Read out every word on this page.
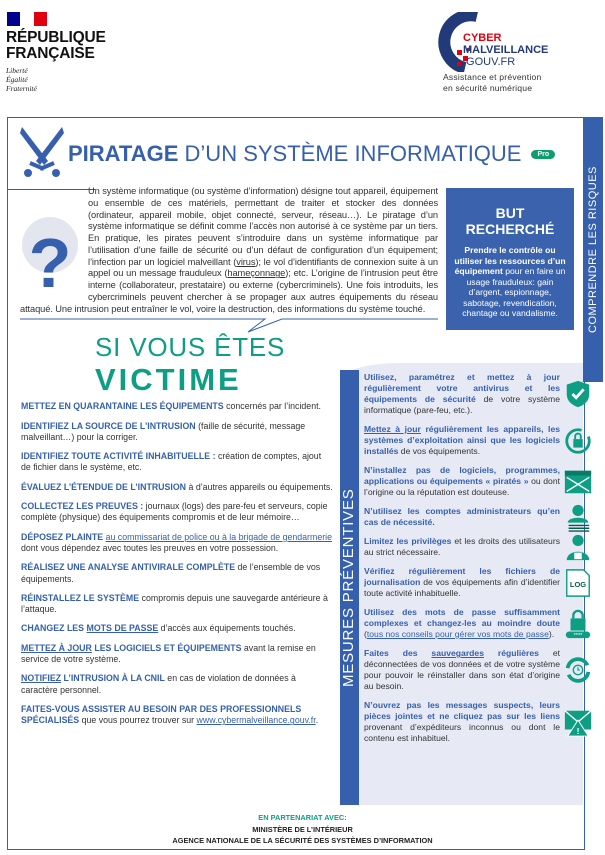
RÉPUBLIQUE
FRANÇAISE
Liberté
Égalité
Fraternité
CYBER
MALVEILLANCE
.GOUV.FR
Assistance et prévention
en sécurité numérique
COMPRENDRE LES RISQUES
PIRATAGE D’UN SYSTÈME INFORMATIQUE	Pro
?
BUT
RECHERCHÉ

Prendre le contrôle ou utiliser les ressources d’un équipement pour en faire un usage frauduleux: gain d’argent, espionnage, sabotage, revendication, chantage ou vandalisme.

Un système informatique (ou système d’information) désigne tout appareil, équipement ou ensemble de ces matériels, permettant de traiter et stocker des données (ordinateur, appareil mobile, objet connecté, serveur, réseau…). Le piratage d’un système informatique se définit comme l’accès non autorisé à ce système par un tiers. En pratique, les pirates peuvent s’introduire dans un système informatique par l’utilisation d’une faille de sécurité ou d’un défaut de configuration d’un équipement; l’infection par un logiciel malveillant (virus); le vol d’identifiants de connexion suite à un appel ou un message frauduleux (hameçonnage); etc. L’origine de l’intrusion peut être interne (collaborateur, prestataire) ou externe (cybercriminels). Une fois introduits, les cybercriminels peuvent chercher à se propager aux autres équipements du réseau attaqué. Une intrusion peut entraîner le vol, voire la destruction, des informations du système touché.
SI VOUS ÊTES
VICTIME

METTEZ EN QUARANTAINE LES ÉQUIPEMENTS concernés par l’incident.

IDENTIFIEZ LA SOURCE DE L’INTRUSION (faille de sécurité, message malveillant…) pour la corriger.

IDENTIFIEZ TOUTE ACTIVITÉ INHABITUELLE : création de comptes, ajout de fichier dans le système, etc.

ÉVALUEZ L’ÉTENDUE DE L’INTRUSION à d’autres appareils ou équipements.

COLLECTEZ LES PREUVES : journaux (logs) des pare-feu et serveurs, copie complète (physique) des équipements compromis et de leur mémoire…

DÉPOSEZ PLAINTE au commissariat de police ou à la brigade de gendarmerie dont vous dépendez avec toutes les preuves en votre possession.

RÉALISEZ UNE ANALYSE ANTIVIRALE COMPLÈTE de l’ensemble de vos équipements.

RÉINSTALLEZ LE SYSTÈME compromis depuis une sauvegarde antérieure à l’attaque.

CHANGEZ LES MOTS DE PASSE d’accès aux équipements touchés.

METTEZ À JOUR LES LOGICIELS ET ÉQUIPEMENTS avant la remise en service de votre système.

NOTIFIEZ L’INTRUSION À LA CNIL en cas de violation de données à caractère personnel.

FAITES-VOUS ASSISTER AU BESOIN PAR DES PROFESSIONNELS SPÉCIALISÉS que vous pourrez trouver sur www.cybermalveillance.gouv.fr.

MESURES PRÉVENTIVES
Utilisez, paramétrez et mettez à jour régulièrement votre antivirus et les équipements de sécurité de votre système informatique (pare-feu, etc.).
Mettez à jour régulièrement les appareils, les systèmes d’exploitation ainsi que les logiciels installés de vos équipements.
N’installez pas de logiciels, programmes, applications ou équipements « piratés » ou dont l’origine ou la réputation est douteuse.
N’utilisez les comptes administrateurs qu’en cas de nécessité.
Limitez les privilèges et les droits des utilisateurs au strict nécessaire.
Vérifiez régulièrement les fichiers de journalisation de vos équipements afin d’identifier toute activité inhabituelle.
Utilisez des mots de passe suffisamment complexes et changez-les au moindre doute (tous nos conseils pour gérer vos mots de passe).
Faites des sauvegardes régulières et déconnectées de vos données et de votre système pour pouvoir le réinstaller dans son état d’origine au besoin.
N’ouvrez pas les messages suspects, leurs pièces jointes et ne cliquez pas sur les liens provenant d’expéditeurs inconnus ou dont le contenu est inhabituel.
LOG
****
!
EN PARTENARIAT AVEC:
MINISTÈRE DE L’INTÉRIEUR
AGENCE NATIONALE DE LA SÉCURITÉ DES SYSTÈMES D’INFORMATION
